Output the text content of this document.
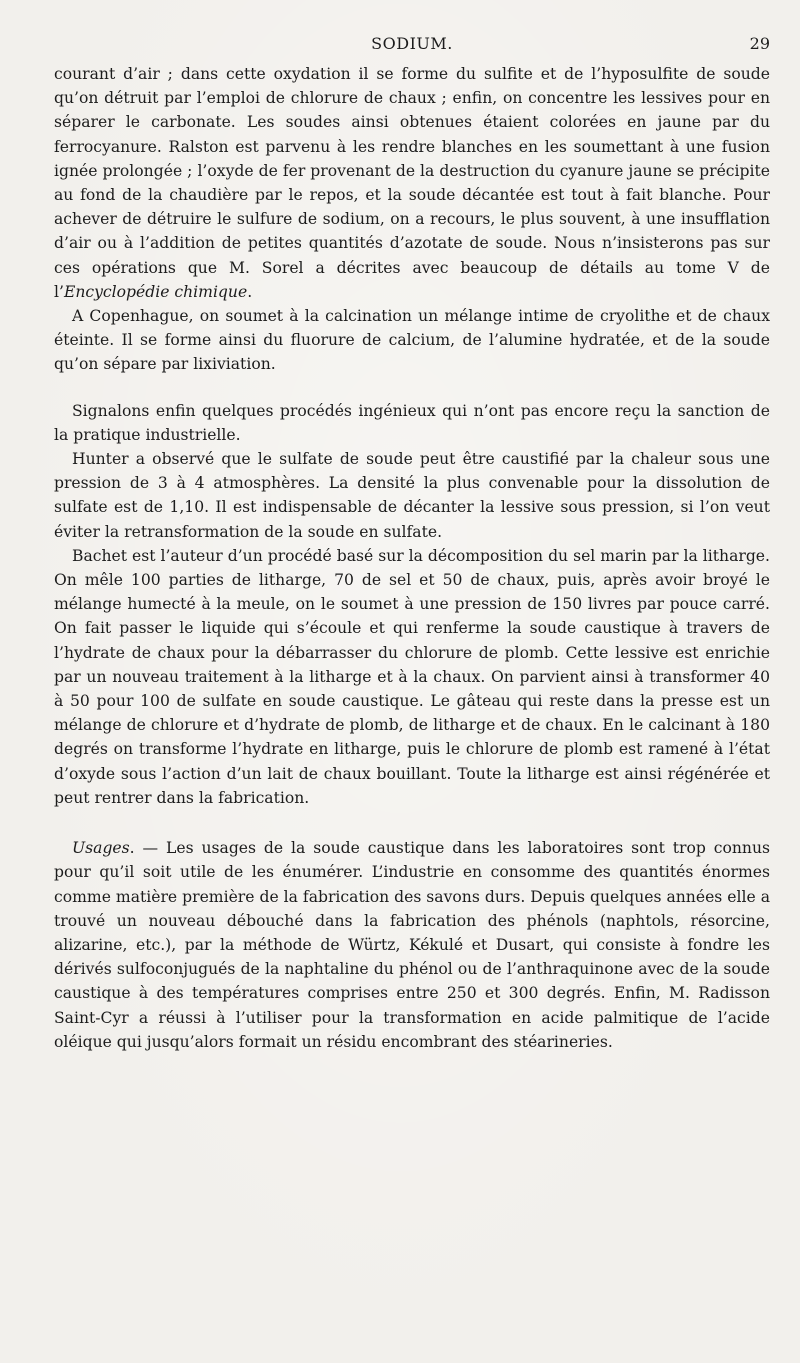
SODIUM.	29

courant d’air ; dans cette oxydation il se forme du sulfite et de l’hyposulfite de soude qu’on détruit par l’emploi de chlorure de chaux ; enfin, on concentre les lessives pour en séparer le carbonate. Les soudes ainsi obtenues étaient colorées en jaune par du ferrocyanure. Ralston est parvenu à les rendre blanches en les soumettant à une fusion ignée prolongée ; l’oxyde de fer provenant de la destruction du cyanure jaune se précipite au fond de la chaudière par le repos, et la soude décantée est tout à fait blanche. Pour achever de détruire le sulfure de sodium, on a recours, le plus souvent, à une insufflation d’air ou à l’addition de petites quantités d’azotate de soude. Nous n’insisterons pas sur ces opérations que M. Sorel a décrites avec beaucoup de détails au tome V de l’Encyclopédie chimique.

A Copenhague, on soumet à la calcination un mélange intime de cryolithe et de chaux éteinte. Il se forme ainsi du fluorure de calcium, de l’alumine hydratée, et de la soude qu’on sépare par lixiviation.

Signalons enfin quelques procédés ingénieux qui n’ont pas encore reçu la sanction de la pratique industrielle.

Hunter a observé que le sulfate de soude peut être caustifié par la chaleur sous une pression de 3 à 4 atmosphères. La densité la plus convenable pour la dissolution de sulfate est de 1,10. Il est indispensable de décanter la lessive sous pression, si l’on veut éviter la retransformation de la soude en sulfate.

Bachet est l’auteur d’un procédé basé sur la décomposition du sel marin par la litharge. On mêle 100 parties de litharge, 70 de sel et 50 de chaux, puis, après avoir broyé le mélange humecté à la meule, on le soumet à une pression de 150 livres par pouce carré. On fait passer le liquide qui s’écoule et qui renferme la soude caustique à travers de l’hydrate de chaux pour la débarrasser du chlorure de plomb. Cette lessive est enrichie par un nouveau traitement à la litharge et à la chaux. On parvient ainsi à transformer 40 à 50 pour 100 de sulfate en soude caustique. Le gâteau qui reste dans la presse est un mélange de chlorure et d’hydrate de plomb, de litharge et de chaux. En le calcinant à 180 degrés on transforme l’hydrate en litharge, puis le chlorure de plomb est ramené à l’état d’oxyde sous l’action d’un lait de chaux bouillant. Toute la litharge est ainsi régénérée et peut rentrer dans la fabrication.

Usages. — Les usages de la soude caustique dans les laboratoires sont trop connus pour qu’il soit utile de les énumérer. L’industrie en consomme des quantités énormes comme matière première de la fabrication des savons durs. Depuis quelques années elle a trouvé un nouveau débouché dans la fabrication des phénols (naphtols, résorcine, alizarine, etc.), par la méthode de Würtz, Kékulé et Dusart, qui consiste à fondre les dérivés sulfoconjugués de la naphtaline du phénol ou de l’anthraquinone avec de la soude caustique à des températures comprises entre 250 et 300 degrés. Enfin, M. Radisson Saint-Cyr a réussi à l’utiliser pour la transformation en acide palmitique de l’acide oléique qui jusqu’alors formait un résidu encombrant des stéarineries.
